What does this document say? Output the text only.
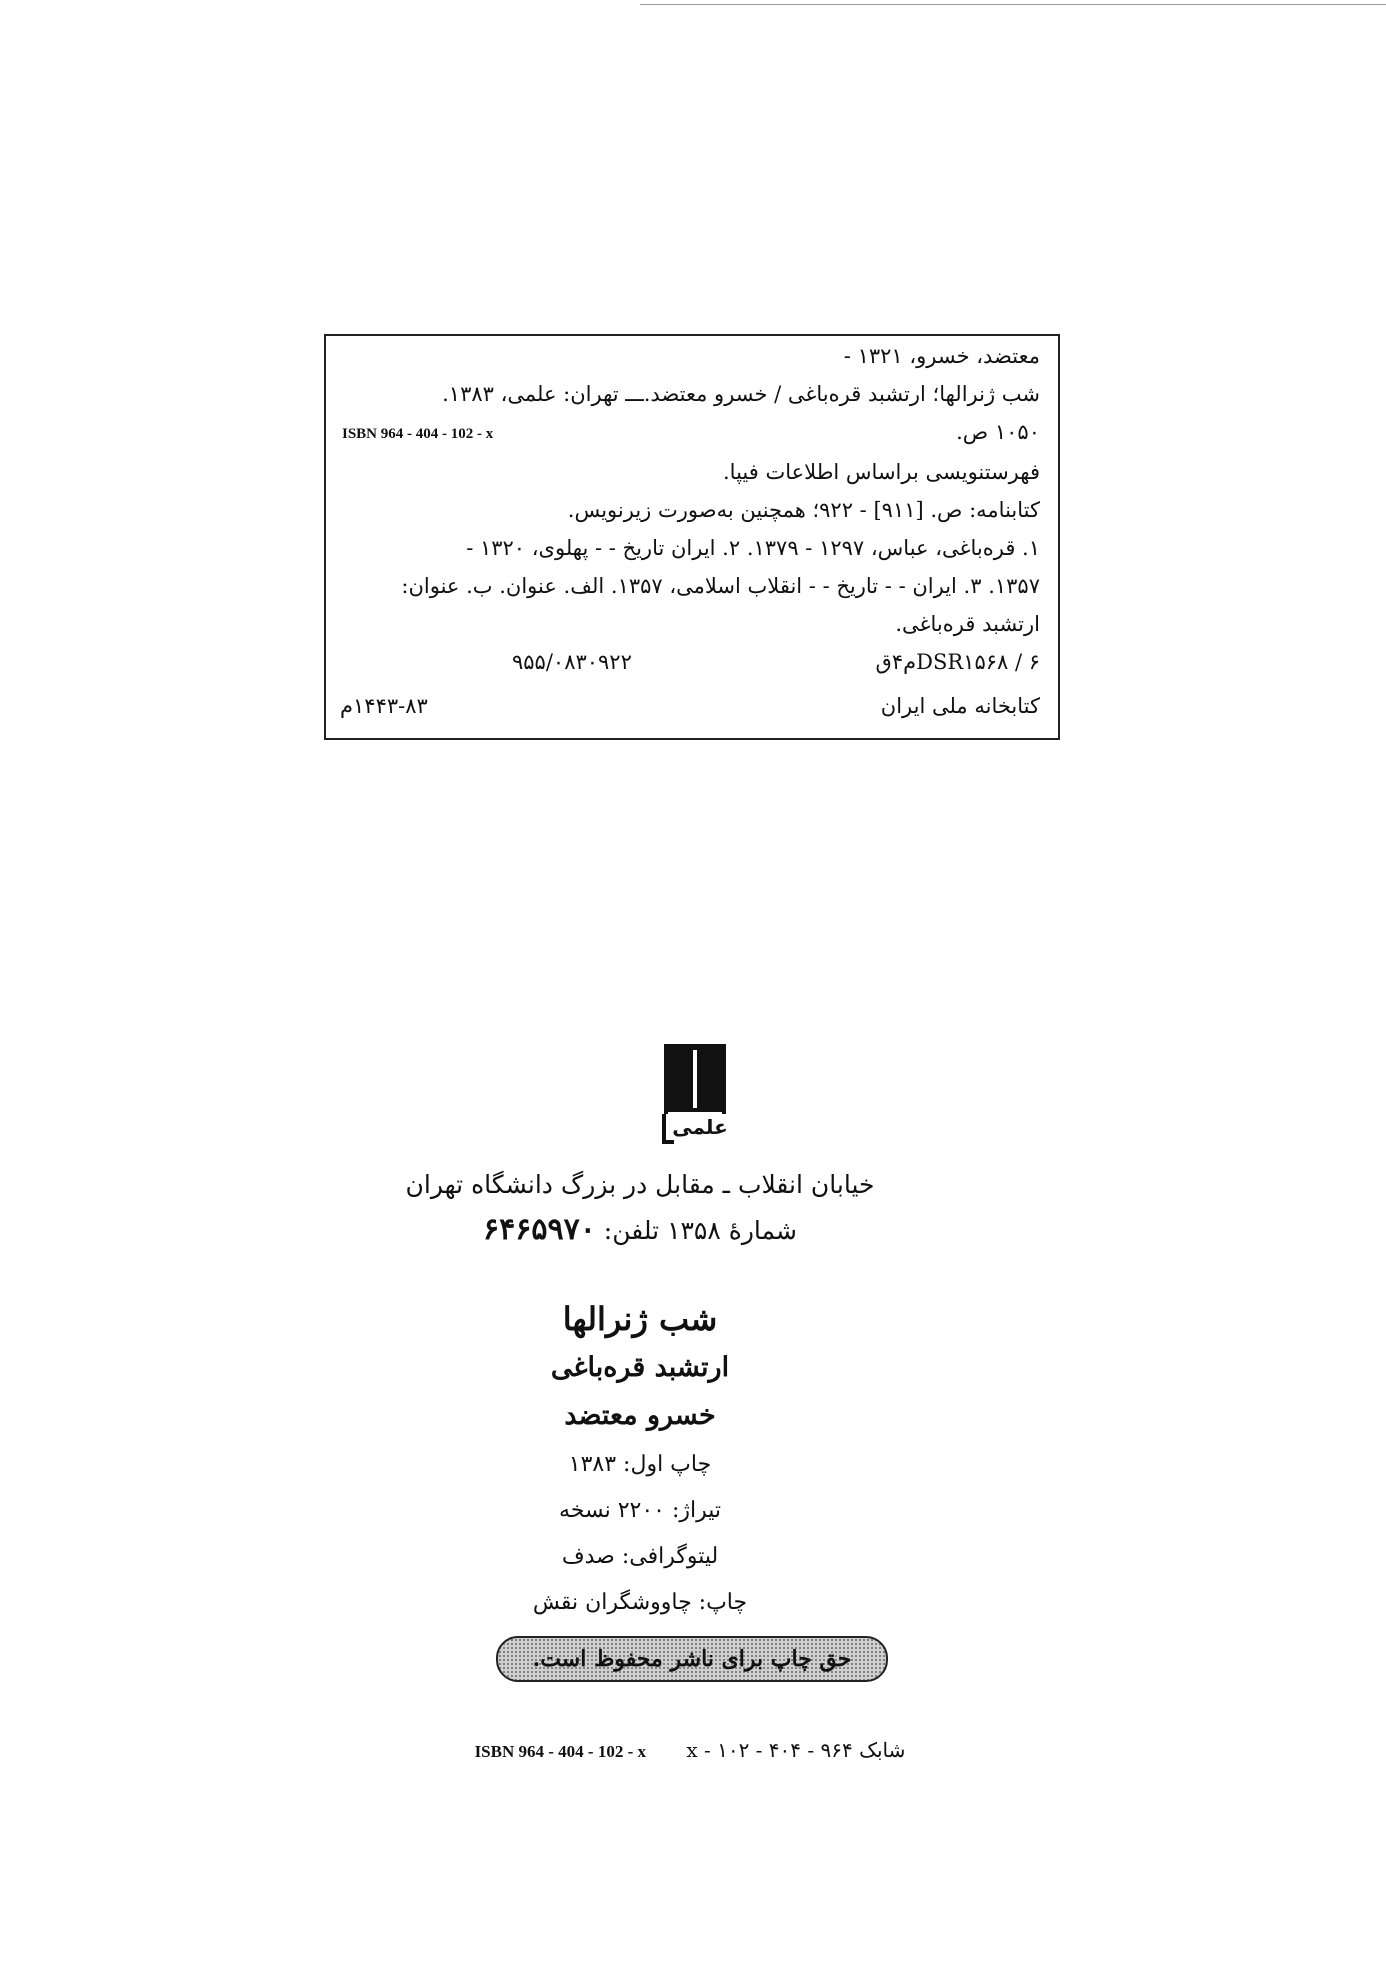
معتضد، خسرو، ۱۳۲۱ -
شب ژنرالها؛ ارتشبد قره‌باغی / خسرو معتضد.ـــ تهران: علمی، ۱۳۸۳.
۱۰۵۰ ص.
ISBN 964 - 404 - 102 - x
فهرستنویسی براساس اطلاعات فیپا.
کتابنامه: ص. [۹۱۱] - ۹۲۲؛ همچنین به‌صورت زیرنویس.
۱. قره‌باغی، عباس، ۱۲۹۷ - ۱۳۷۹. ۲. ایران تاریخ - - پهلوی، ۱۳۲۰ -
۱۳۵۷. ۳. ایران - - تاریخ - - انقلاب اسلامی، ۱۳۵۷. الف. عنوان. ب. عنوان:
ارتشبد قره‌باغی.
۹۵۵/۰۸۳۰۹۲۲	DSR۱۵۶۸ / ۶م۴ق
کتابخانه ملی ایران
۱۴۴۳-۸۳م
علمی
خیابان انقلاب ـ مقابل در بزرگ دانشگاه تهران
شمارهٔ ۱۳۵۸ تلفن: ۶۴۶۵۹۷۰
شب ژنرالها
ارتشبد قره‌باغی
خسرو معتضد
چاپ اول: ۱۳۸۳
تیراژ: ۲۲۰۰ نسخه
لیتوگرافی: صدف
چاپ: چاووشگران نقش
حق چاپ برای ناشر محفوظ است.
ISBN 964 - 404 - 102 - x شابک x - ۱۰۲ - ۴۰۴ - ۹۶۴
